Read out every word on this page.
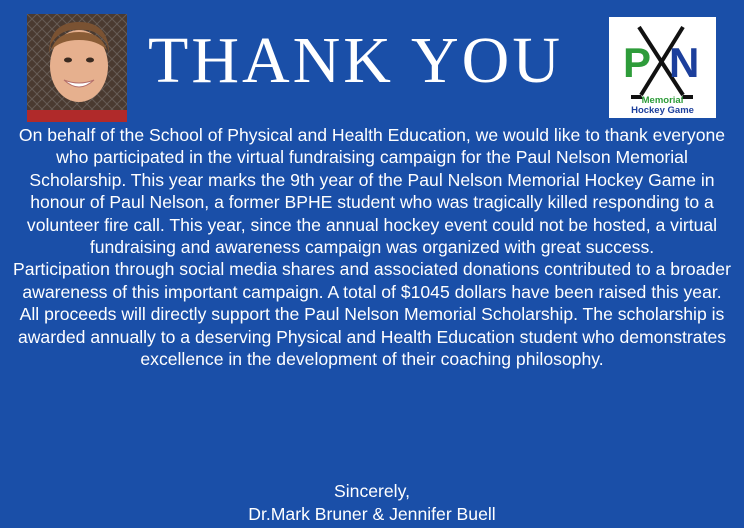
THANK YOU	P N
Memorial
Hockey Game

On behalf of the School of Physical and Health Education, we would like to thank everyone who participated in the virtual fundraising campaign for the Paul Nelson Memorial Scholarship. This year marks the 9th year of the Paul Nelson Memorial Hockey Game in honour of Paul Nelson, a former BPHE student who was tragically killed responding to a volunteer fire call. This year, since the annual hockey event could not be hosted, a virtual fundraising and awareness campaign was organized with great success.

Participation through social media shares and associated donations contributed to a broader awareness of this important campaign. A total of $1045 dollars have been raised this year. All proceeds will directly support the Paul Nelson Memorial Scholarship. The scholarship is awarded annually to a deserving Physical and Health Education student who demonstrates excellence in the development of their coaching philosophy.

Sincerely,

Dr.Mark Bruner & Jennifer Buell
